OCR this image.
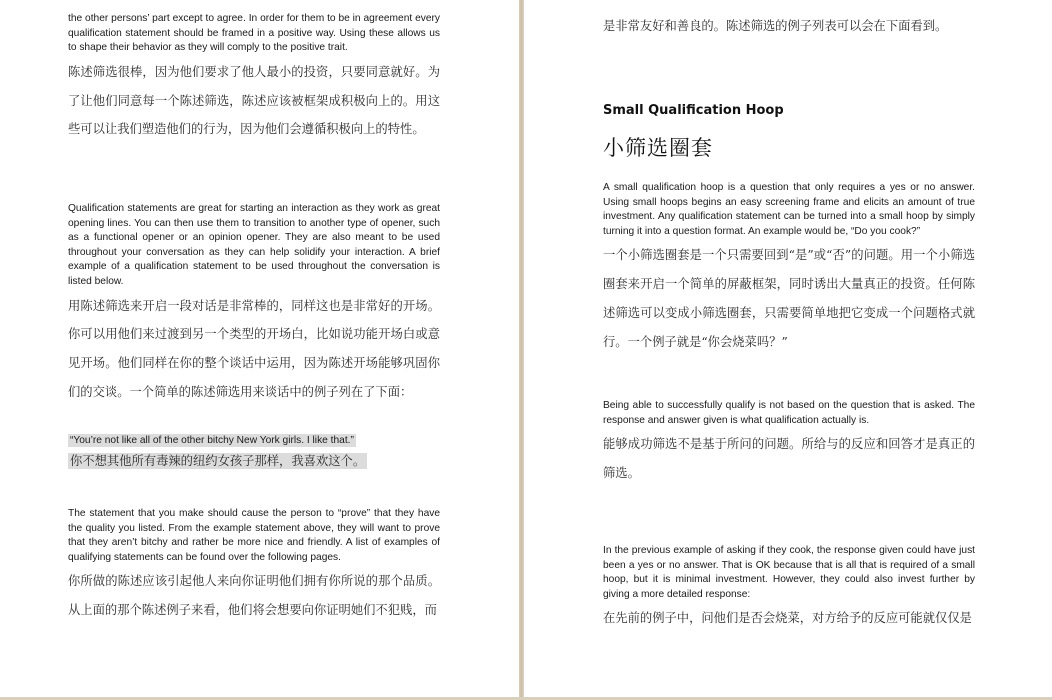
the other persons’ part except to agree. In order for them to be in agreement every qualification statement should be framed in a positive way. Using these allows us to shape their behavior as they will comply to the positive trait.

陈述筛选很棒，因为他们要求了他人最小的投资，只要同意就好。为了让他们同意每一个陈述筛选，陈述应该被框架成积极向上的。用这些可以让我们塑造他们的行为，因为他们会遵循积极向上的特性。

Qualification statements are great for starting an interaction as they work as great opening lines. You can then use them to transition to another type of opener, such as a functional opener or an opinion opener. They are also meant to be used throughout your conversation as they can help solidify your interaction. A brief example of a qualification statement to be used throughout the conversation is listed below.

用陈述筛选来开启一段对话是非常棒的，同样这也是非常好的开场。你可以用他们来过渡到另一个类型的开场白，比如说功能开场白或意见开场。他们同样在你的整个谈话中运用，因为陈述开场能够巩固你们的交谈。一个简单的陈述筛选用来谈话中的例子列在了下面：

“You’re not like all of the other bitchy New York girls. I like that.”

你不想其他所有毒辣的纽约女孩子那样，我喜欢这个。

The statement that you make should cause the person to “prove” that they have the quality you listed. From the example statement above, they will want to prove that they aren’t bitchy and rather be more nice and friendly. A list of examples of qualifying statements can be found over the following pages.

你所做的陈述应该引起他人来向你证明他们拥有你所说的那个品质。从上面的那个陈述例子来看，他们将会想要向你证明她们不犯贱，而

是非常友好和善良的。陈述筛选的例子列表可以会在下面看到。

Small Qualification Hoop

小筛选圈套

A small qualification hoop is a question that only requires a yes or no answer. Using small hoops begins an easy screening frame and elicits an amount of true investment. Any qualification statement can be turned into a small hoop by simply turning it into a question format. An example would be, “Do you cook?”

一个小筛选圈套是一个只需要回到“是”或“否”的问题。用一个小筛选圈套来开启一个简单的屏蔽框架，同时诱出大量真正的投资。任何陈述筛选可以变成小筛选圈套，只需要简单地把它变成一个问题格式就行。一个例子就是“你会烧菜吗？”

Being able to successfully qualify is not based on the question that is asked. The response and answer given is what qualification actually is.

能够成功筛选不是基于所问的问题。所给与的反应和回答才是真正的筛选。

In the previous example of asking if they cook, the response given could have just been a yes or no answer. That is OK because that is all that is required of a small hoop, but it is minimal investment. However, they could also invest further by giving a more detailed response:

在先前的例子中，问他们是否会烧菜，对方给予的反应可能就仅仅是
